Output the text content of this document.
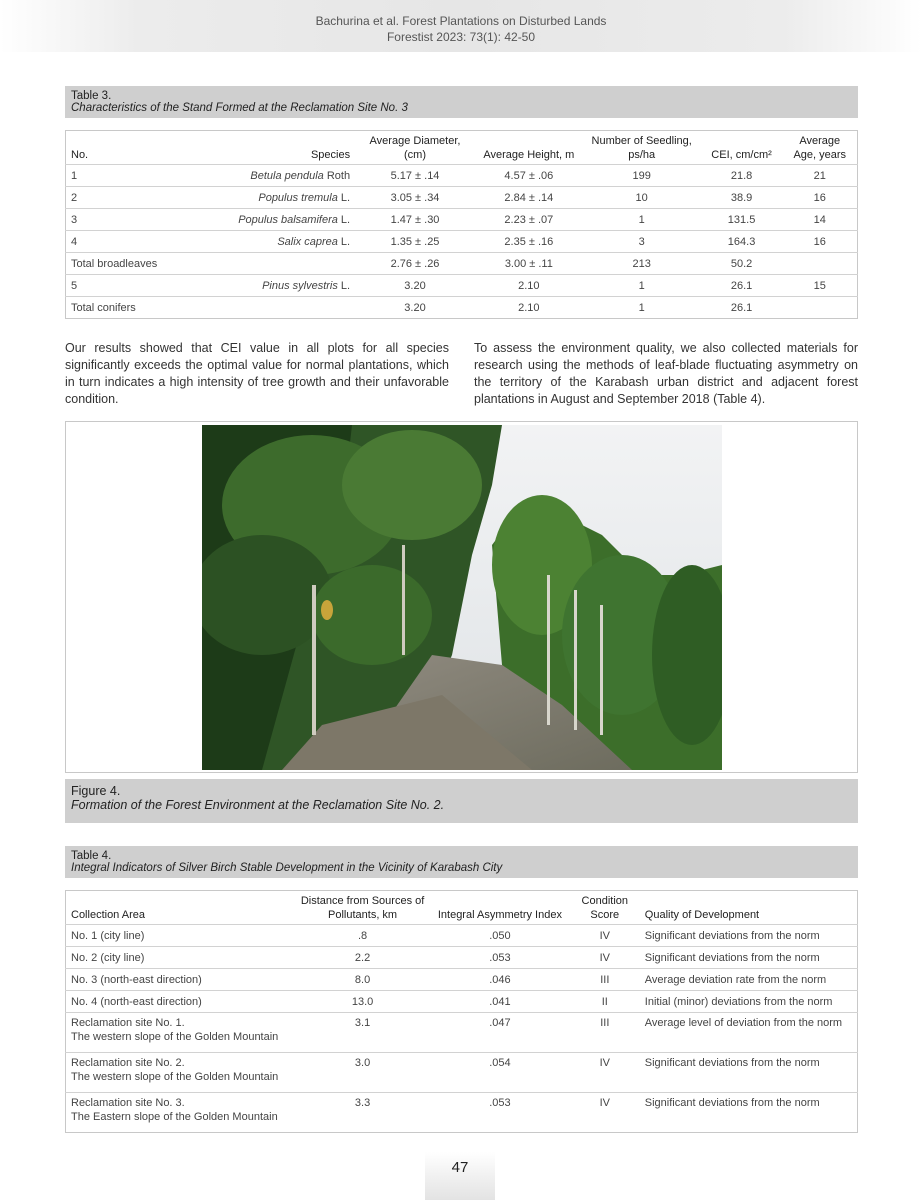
Bachurina et al. Forest Plantations on Disturbed Lands
Forestist 2023: 73(1): 42-50
Table 3.
Characteristics of the Stand Formed at the Reclamation Site No. 3
No.	Species	Average Diameter, (cm)	Average Height, m	Number of Seedling, ps/ha	CEI, cm/cm²	Average Age, years
1	Betula pendula Roth	5.17 ± .14	4.57 ± .06	199	21.8	21
2	Populus tremula L.	3.05 ± .34	2.84 ± .14	10	38.9	16
3	Populus balsamifera L.	1.47 ± .30	2.23 ± .07	1	131.5	14
4	Salix caprea L.	1.35 ± .25	2.35 ± .16	3	164.3	16
Total broadleaves		2.76 ± .26	3.00 ± .11	213	50.2	
5	Pinus sylvestris L.	3.20	2.10	1	26.1	15
Total conifers		3.20	2.10	1	26.1	
Our results showed that CEI value in all plots for all species significantly exceeds the optimal value for normal plantations, which in turn indicates a high intensity of tree growth and their unfavorable condition.
To assess the environment quality, we also collected materials for research using the methods of leaf-blade fluctuating asymmetry on the territory of the Karabash urban district and adjacent forest plantations in August and September 2018 (Table 4).
Figure 4.
Formation of the Forest Environment at the Reclamation Site No. 2.
Table 4.
Integral Indicators of Silver Birch Stable Development in the Vicinity of Karabash City
Collection Area	Distance from Sources of Pollutants, km	Integral Asymmetry Index	Condition Score	Quality of Development

No. 1 (city line)	.8	.050	IV	Significant deviations from the norm

No. 2 (city line)	2.2	.053	IV	Significant deviations from the norm

No. 3 (north-east direction)	8.0	.046	III	Average deviation rate from the norm

No. 4 (north-east direction)	13.0	.041	II	Initial (minor) deviations from the norm

Reclamation site No. 1.
The western slope of the Golden Mountain	3.1	.047	III	Average level of deviation from the norm

Reclamation site No. 2.
The western slope of the Golden Mountain	3.0	.054	IV	Significant deviations from the norm

Reclamation site No. 3.
The Eastern slope of the Golden Mountain	3.3	.053	IV	Significant deviations from the norm
47
